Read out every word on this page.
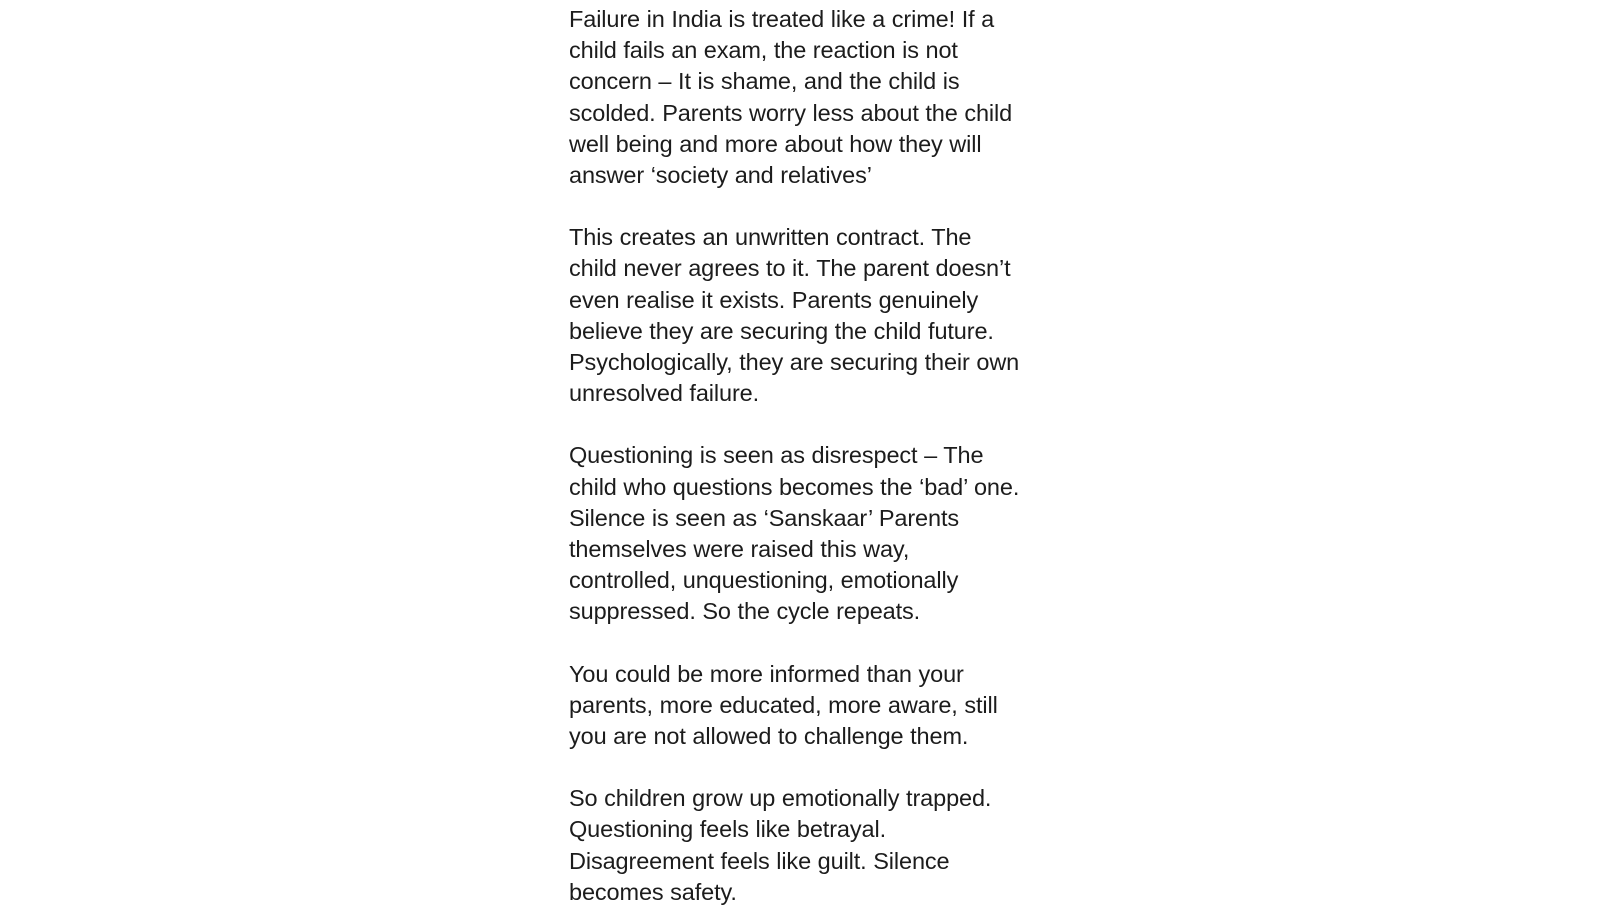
Failure in India is treated like a crime! If a child fails an exam, the reaction is not concern – It is shame, and the child is scolded. Parents worry less about the child well being and more about how they will answer ‘society and relatives’

This creates an unwritten contract. The child never agrees to it. The parent doesn’t even realise it exists. Parents genuinely believe they are securing the child future. Psychologically, they are securing their own unresolved failure.

Questioning is seen as disrespect – The child who questions becomes the ‘bad’ one. Silence is seen as ‘Sanskaar’ Parents themselves were raised this way, controlled, unquestioning, emotionally suppressed. So the cycle repeats.

You could be more informed than your parents, more educated, more aware, still you are not allowed to challenge them.

So children grow up emotionally trapped. Questioning feels like betrayal. Disagreement feels like guilt. Silence becomes safety.
